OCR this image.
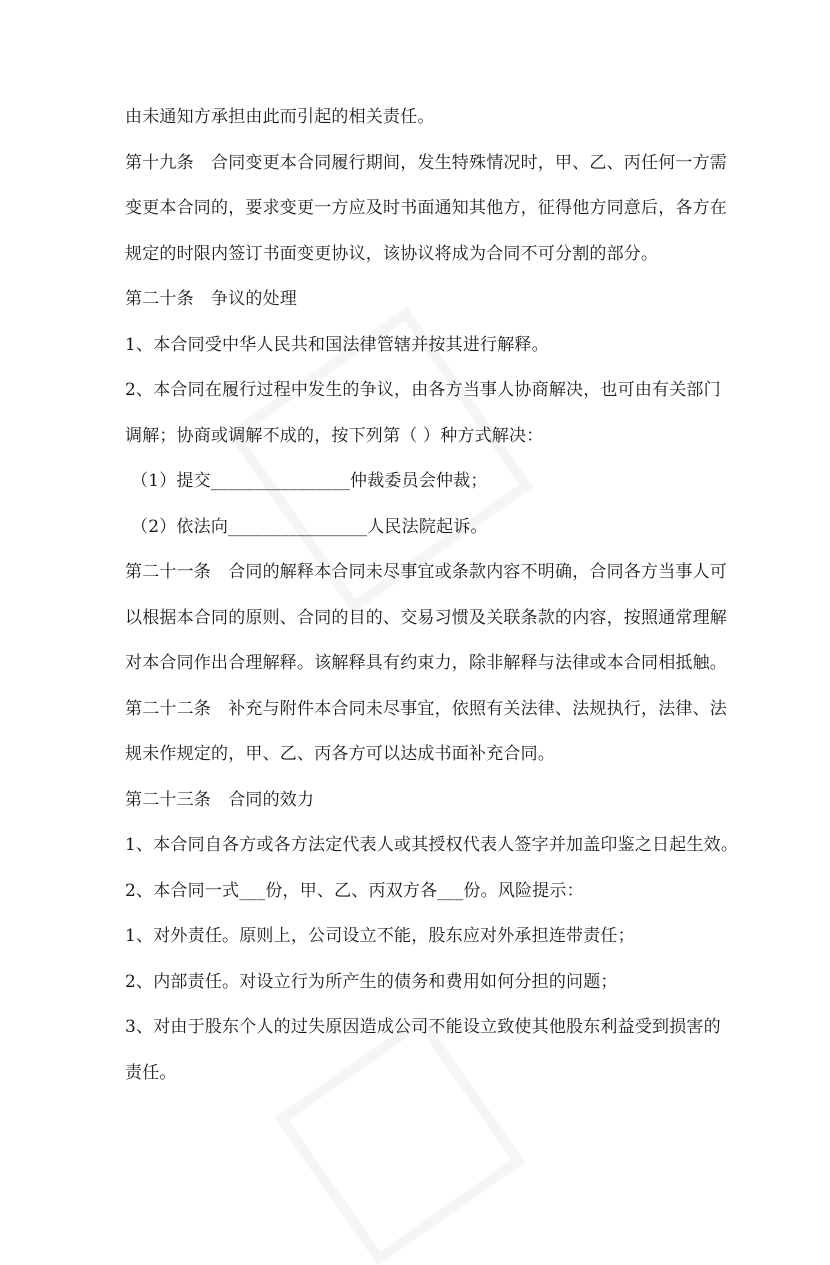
由未通知方承担由此而引起的相关责任。
第十九条　合同变更本合同履行期间，发生特殊情况时，甲、乙、丙任何一方需
变更本合同的，要求变更一方应及时书面通知其他方，征得他方同意后，各方在
规定的时限内签订书面变更协议，该协议将成为合同不可分割的部分。
第二十条　争议的处理
1、本合同受中华人民共和国法律管辖并按其进行解释。
2、本合同在履行过程中发生的争议，由各方当事人协商解决，也可由有关部门
调解；协商或调解不成的，按下列第（ ）种方式解决：
（1）提交________________仲裁委员会仲裁；
（2）依法向________________人民法院起诉。
第二十一条　合同的解释本合同未尽事宜或条款内容不明确，合同各方当事人可
以根据本合同的原则、合同的目的、交易习惯及关联条款的内容，按照通常理解
对本合同作出合理解释。该解释具有约束力，除非解释与法律或本合同相抵触。
第二十二条　补充与附件本合同未尽事宜，依照有关法律、法规执行，法律、法
规未作规定的，甲、乙、丙各方可以达成书面补充合同。
第二十三条　合同的效力
1、本合同自各方或各方法定代表人或其授权代表人签字并加盖印鉴之日起生效。
2、本合同一式___份，甲、乙、丙双方各___份。风险提示：
1、对外责任。原则上，公司设立不能，股东应对外承担连带责任；
2、内部责任。对设立行为所产生的债务和费用如何分担的问题；
3、对由于股东个人的过失原因造成公司不能设立致使其他股东利益受到损害的
责任。
